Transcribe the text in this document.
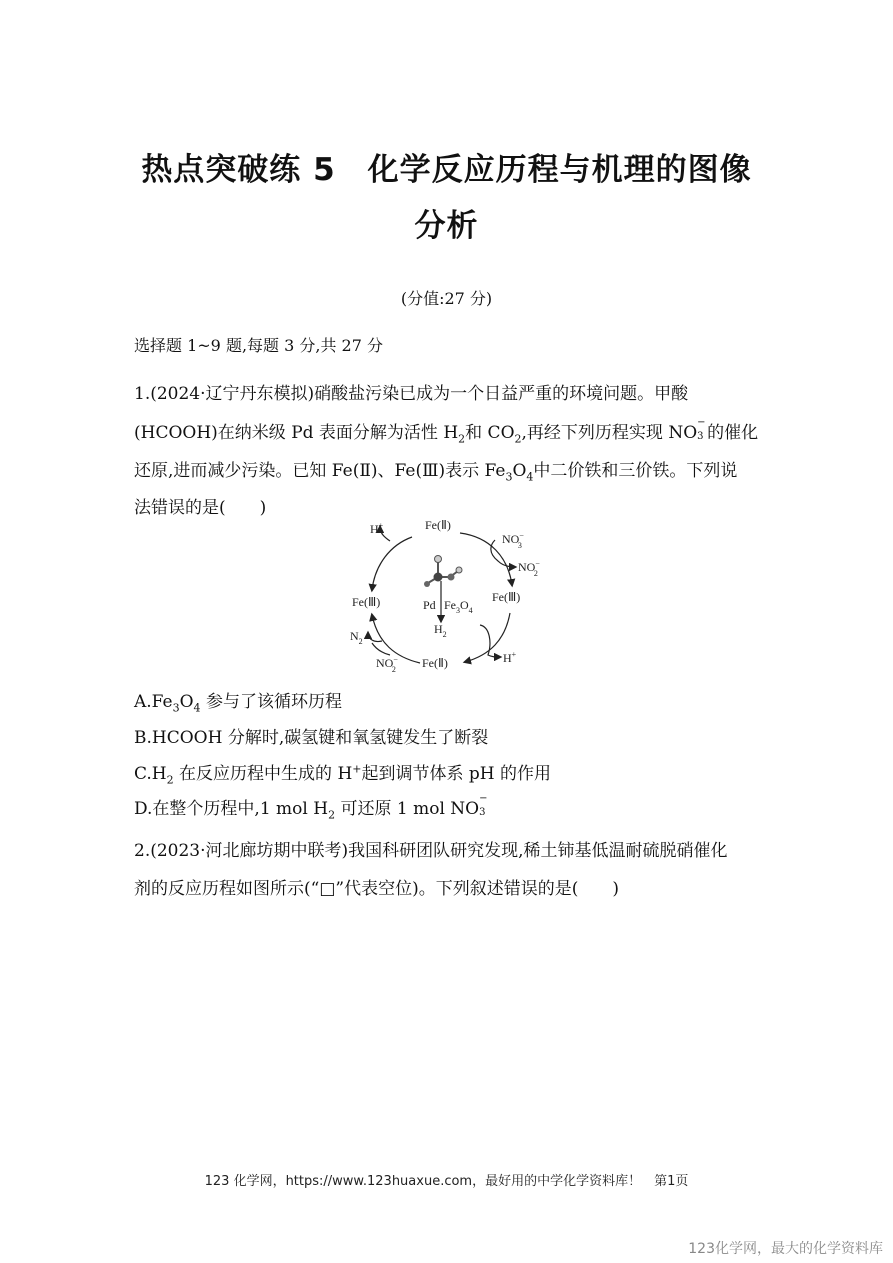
热点突破练 5　化学反应历程与机理的图像
分析
(分值:27 分)
选择题 1~9 题,每题 3 分,共 27 分
1.(2024·辽宁丹东模拟)硝酸盐污染已成为一个日益严重的环境问题。甲酸
(HCOOH)在纳米级 Pd 表面分解为活性 $H_2$和 $CO_2$,再经下列历程实现 NO
−
3 的催化
还原,进而减少污染。已知 Fe(Ⅱ)、Fe(Ⅲ)表示 $Fe_3O_4$中二价铁和三价铁。下列说
法错误的是(　　)
Fe(Ⅱ)
Fe(Ⅲ)	Fe(Ⅲ)
Fe(Ⅱ)
H+
H+
NO− 3
NO− 2
NO− 2
$N_2$
Pd $Fe_3O_4$
$H_2$
$A.Fe_3O_4$ 参与了该循环历程
B.HCOOH 分解时,碳氢键和氧氢键发生了断裂
$C.H_2$ 在反应历程中生成的 H+起到调节体系 pH 的作用
D.在整个历程中,1 mol $H_2$ 可还原 1 mol NO
−
3
2.(2023·河北廊坊期中联考)我国科研团队研究发现,稀土铈基低温耐硫脱硝催化
剂的反应历程如图所示(“□”代表空位)。下列叙述错误的是(　　)
123 化学网，https://www.123huaxue.com，最好用的中学化学资料库！　第1页
123化学网，最大的化学资料库
